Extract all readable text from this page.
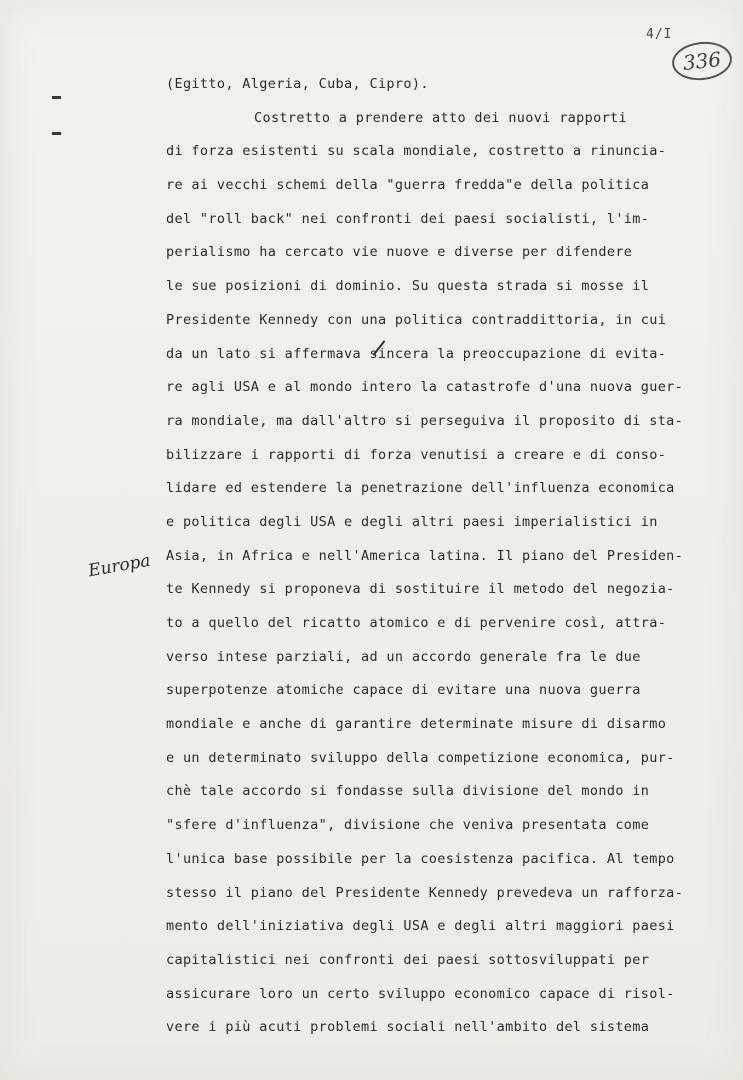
4/I
336
Europa
(Egitto, Algeria, Cuba, Cipro).
Costretto a prendere atto dei nuovi rapporti
di forza esistenti su scala mondiale, costretto a rinuncia-
re ai vecchi schemi della "guerra fredda"e della politica
del "roll back" nei confronti dei paesi socialisti, l'im-
perialismo ha cercato vie nuove e diverse per difendere
le sue posizioni di dominio. Su questa strada si mosse il
Presidente Kennedy con una politica contraddittoria, in cui
da un lato si affermava sincera la preoccupazione di evita-
re agli USA e al mondo intero la catastrofe d'una nuova guer-
ra mondiale, ma dall'altro si perseguiva il proposito di sta-
bilizzare i rapporti di forza venutisi a creare e di conso-
lidare ed estendere la penetrazione dell'influenza economica
e politica degli USA e degli altri paesi imperialistici in
Asia, in Africa e nell'America latina. Il piano del Presiden-
te Kennedy si proponeva di sostituire il metodo del negozia-
to a quello del ricatto atomico e di pervenire così, attra-
verso intese parziali, ad un accordo generale fra le due
superpotenze atomiche capace di evitare una nuova guerra
mondiale e anche di garantire determinate misure di disarmo
e un determinato sviluppo della competizione economica, pur-
chè tale accordo si fondasse sulla divisione del mondo in
"sfere d'influenza", divisione che veniva presentata come
l'unica base possibile per la coesistenza pacifica. Al tempo
stesso il piano del Presidente Kennedy prevedeva un rafforza-
mento dell'iniziativa degli USA e degli altri maggiori paesi
capitalistici nei confronti dei paesi sottosviluppati per
assicurare loro un certo sviluppo economico capace di risol-
vere i più acuti problemi sociali nell'ambito del sistema
